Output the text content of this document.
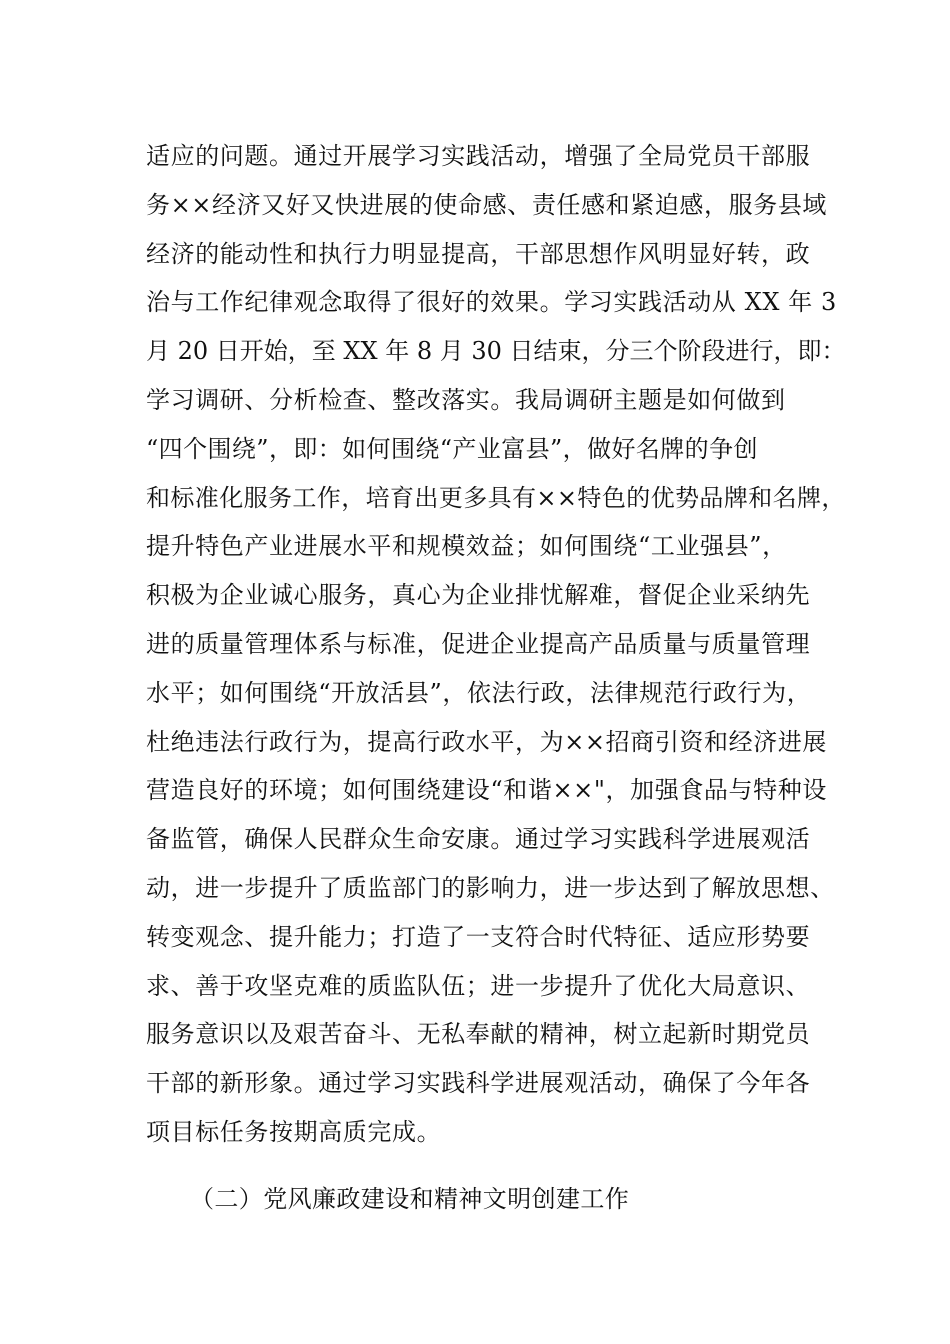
适应的问题。通过开展学习实践活动，增强了全局党员干部服
务××经济又好又快进展的使命感、责任感和紧迫感，服务县域
经济的能动性和执行力明显提高，干部思想作风明显好转，政
治与工作纪律观念取得了很好的效果。学习实践活动从 XX 年 3
月 20 日开始，至 XX 年 8 月 30 日结束，分三个阶段进行，即：
学习调研、分析检查、整改落实。我局调研主题是如何做到
“四个围绕”，即：如何围绕“产业富县”，做好名牌的争创
和标准化服务工作，培育出更多具有××特色的优势品牌和名牌，
提升特色产业进展水平和规模效益；如何围绕“工业强县”，
积极为企业诚心服务，真心为企业排忧解难，督促企业采纳先
进的质量管理体系与标准，促进企业提高产品质量与质量管理
水平；如何围绕“开放活县”，依法行政，法律规范行政行为，
杜绝违法行政行为，提高行政水平，为××招商引资和经济进展
营造良好的环境；如何围绕建设“和谐××"，加强食品与特种设
备监管，确保人民群众生命安康。通过学习实践科学进展观活
动，进一步提升了质监部门的影响力，进一步达到了解放思想、
转变观念、提升能力；打造了一支符合时代特征、适应形势要
求、善于攻坚克难的质监队伍；进一步提升了优化大局意识、
服务意识以及艰苦奋斗、无私奉献的精神，树立起新时期党员
干部的新形象。通过学习实践科学进展观活动，确保了今年各
项目标任务按期高质完成。
（二）党风廉政建设和精神文明创建工作
